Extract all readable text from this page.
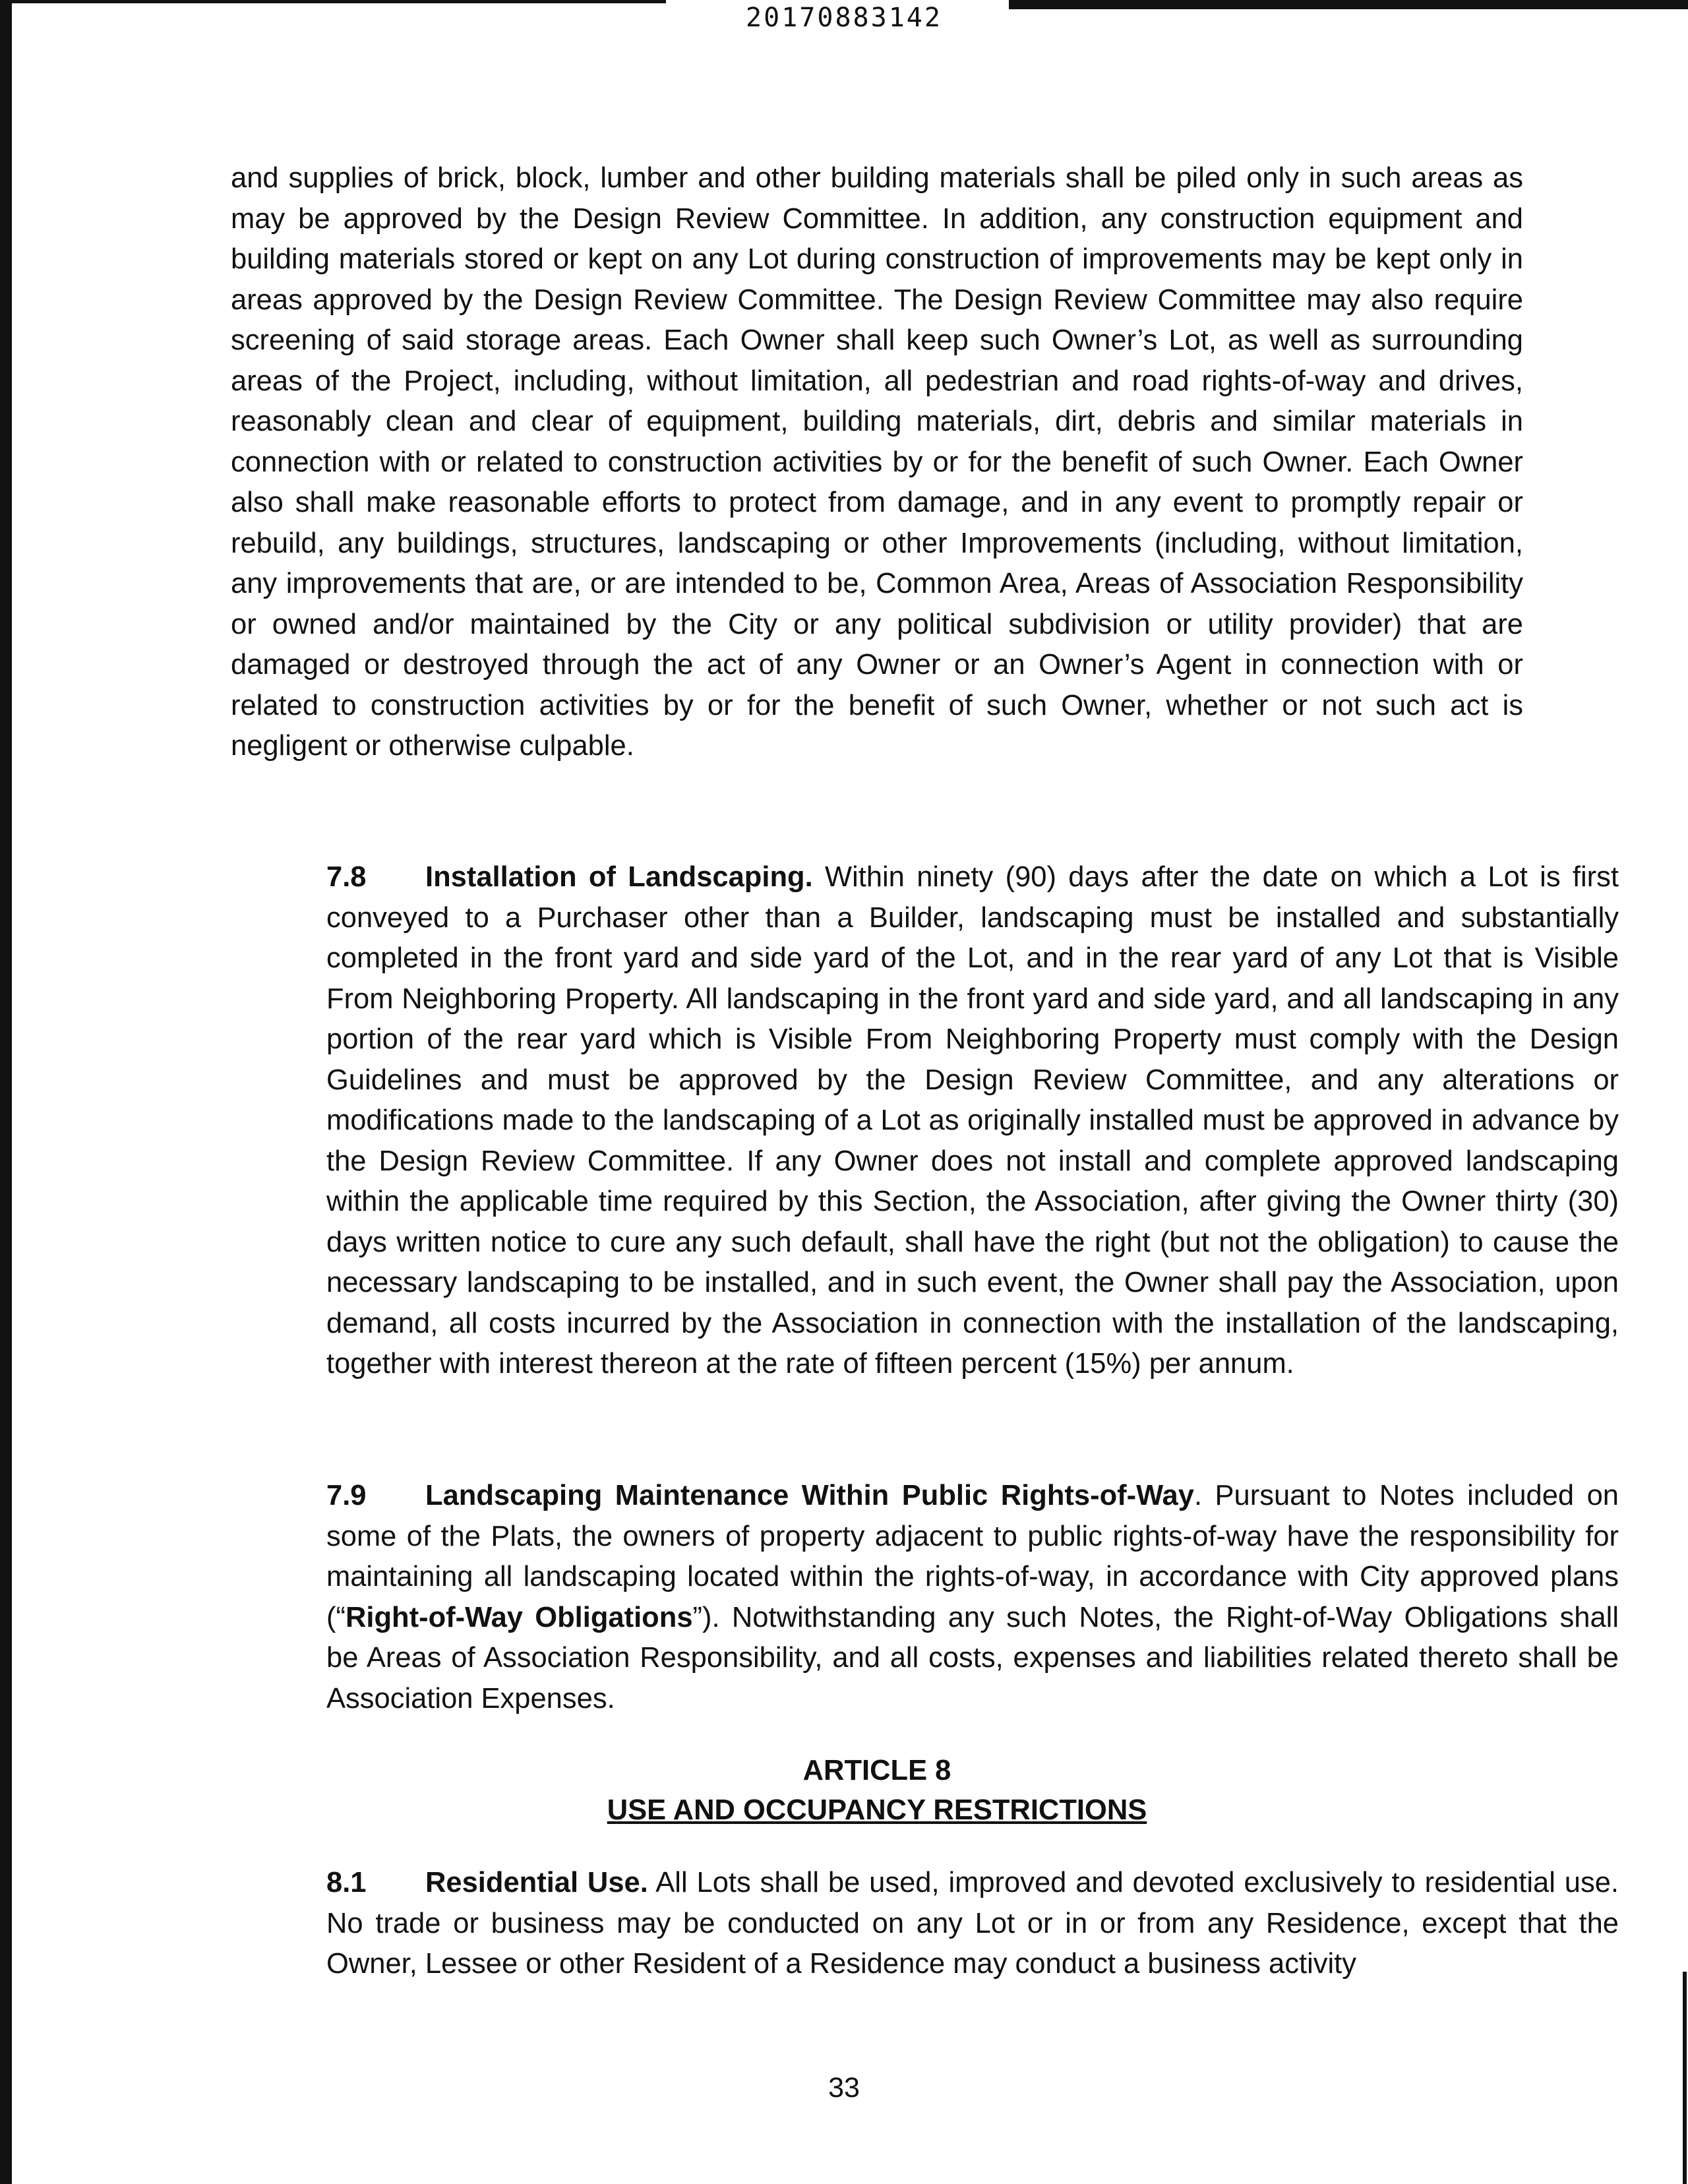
20170883142
and supplies of brick, block, lumber and other building materials shall be piled only in such areas as may be approved by the Design Review Committee. In addition, any construction equipment and building materials stored or kept on any Lot during construction of improvements may be kept only in areas approved by the Design Review Committee. The Design Review Committee may also require screening of said storage areas. Each Owner shall keep such Owner’s Lot, as well as surrounding areas of the Project, including, without limitation, all pedestrian and road rights-of-way and drives, reasonably clean and clear of equipment, building materials, dirt, debris and similar materials in connection with or related to construction activities by or for the benefit of such Owner. Each Owner also shall make reasonable efforts to protect from damage, and in any event to promptly repair or rebuild, any buildings, structures, landscaping or other Improvements (including, without limitation, any improvements that are, or are intended to be, Common Area, Areas of Association Responsibility or owned and/or maintained by the City or any political subdivision or utility provider) that are damaged or destroyed through the act of any Owner or an Owner’s Agent in connection with or related to construction activities by or for the benefit of such Owner, whether or not such act is negligent or otherwise culpable.
7.8 Installation of Landscaping. Within ninety (90) days after the date on which a Lot is first conveyed to a Purchaser other than a Builder, landscaping must be installed and substantially completed in the front yard and side yard of the Lot, and in the rear yard of any Lot that is Visible From Neighboring Property. All landscaping in the front yard and side yard, and all landscaping in any portion of the rear yard which is Visible From Neighboring Property must comply with the Design Guidelines and must be approved by the Design Review Committee, and any alterations or modifications made to the landscaping of a Lot as originally installed must be approved in advance by the Design Review Committee. If any Owner does not install and complete approved landscaping within the applicable time required by this Section, the Association, after giving the Owner thirty (30) days written notice to cure any such default, shall have the right (but not the obligation) to cause the necessary landscaping to be installed, and in such event, the Owner shall pay the Association, upon demand, all costs incurred by the Association in connection with the installation of the landscaping, together with interest thereon at the rate of fifteen percent (15%) per annum.
7.9 Landscaping Maintenance Within Public Rights-of-Way. Pursuant to Notes included on some of the Plats, the owners of property adjacent to public rights-of-way have the responsibility for maintaining all landscaping located within the rights-of-way, in accordance with City approved plans (“Right-of-Way Obligations”). Notwithstanding any such Notes, the Right-of-Way Obligations shall be Areas of Association Responsibility, and all costs, expenses and liabilities related thereto shall be Association Expenses.
ARTICLE 8
USE AND OCCUPANCY RESTRICTIONS
8.1 Residential Use. All Lots shall be used, improved and devoted exclusively to residential use. No trade or business may be conducted on any Lot or in or from any Residence, except that the Owner, Lessee or other Resident of a Residence may conduct a business activity
33
